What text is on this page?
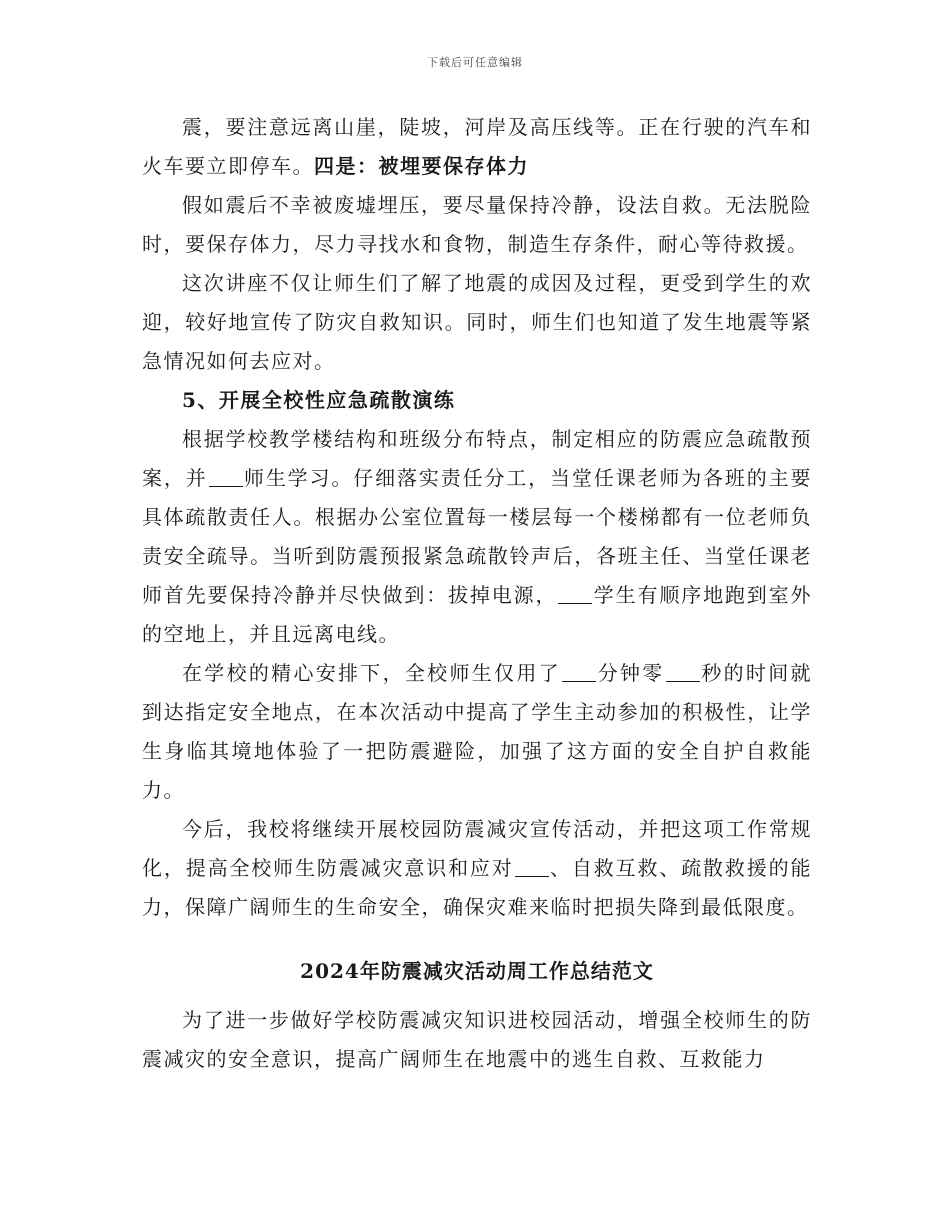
下载后可任意编辑

震，要注意远离山崖，陡坡，河岸及高压线等。正在行驶的汽车和火车要立即停车。四是：被埋要保存体力

假如震后不幸被废墟埋压，要尽量保持冷静，设法自救。无法脱险时，要保存体力，尽力寻找水和食物，制造生存条件，耐心等待救援。

这次讲座不仅让师生们了解了地震的成因及过程，更受到学生的欢迎，较好地宣传了防灾自救知识。同时，师生们也知道了发生地震等紧急情况如何去应对。

5、开展全校性应急疏散演练

根据学校教学楼结构和班级分布特点，制定相应的防震应急疏散预案，并 师生学习。仔细落实责任分工，当堂任课老师为各班的主要具体疏散责任人。根据办公室位置每一楼层每一个楼梯都有一位老师负责安全疏导。当听到防震预报紧急疏散铃声后，各班主任、当堂任课老师首先要保持冷静并尽快做到：拔掉电源， 学生有顺序地跑到室外的空地上，并且远离电线。

在学校的精心安排下，全校师生仅用了 分钟零 秒的时间就到达指定安全地点，在本次活动中提高了学生主动参加的积极性，让学生身临其境地体验了一把防震避险，加强了这方面的安全自护自救能力。

今后，我校将继续开展校园防震减灾宣传活动，并把这项工作常规化，提高全校师生防震减灾意识和应对 、自救互救、疏散救援的能力，保障广阔师生的生命安全，确保灾难来临时把损失降到最低限度。

2024年防震减灾活动周工作总结范文

为了进一步做好学校防震减灾知识进校园活动，增强全校师生的防震减灾的安全意识，提高广阔师生在地震中的逃生自救、互救能力
